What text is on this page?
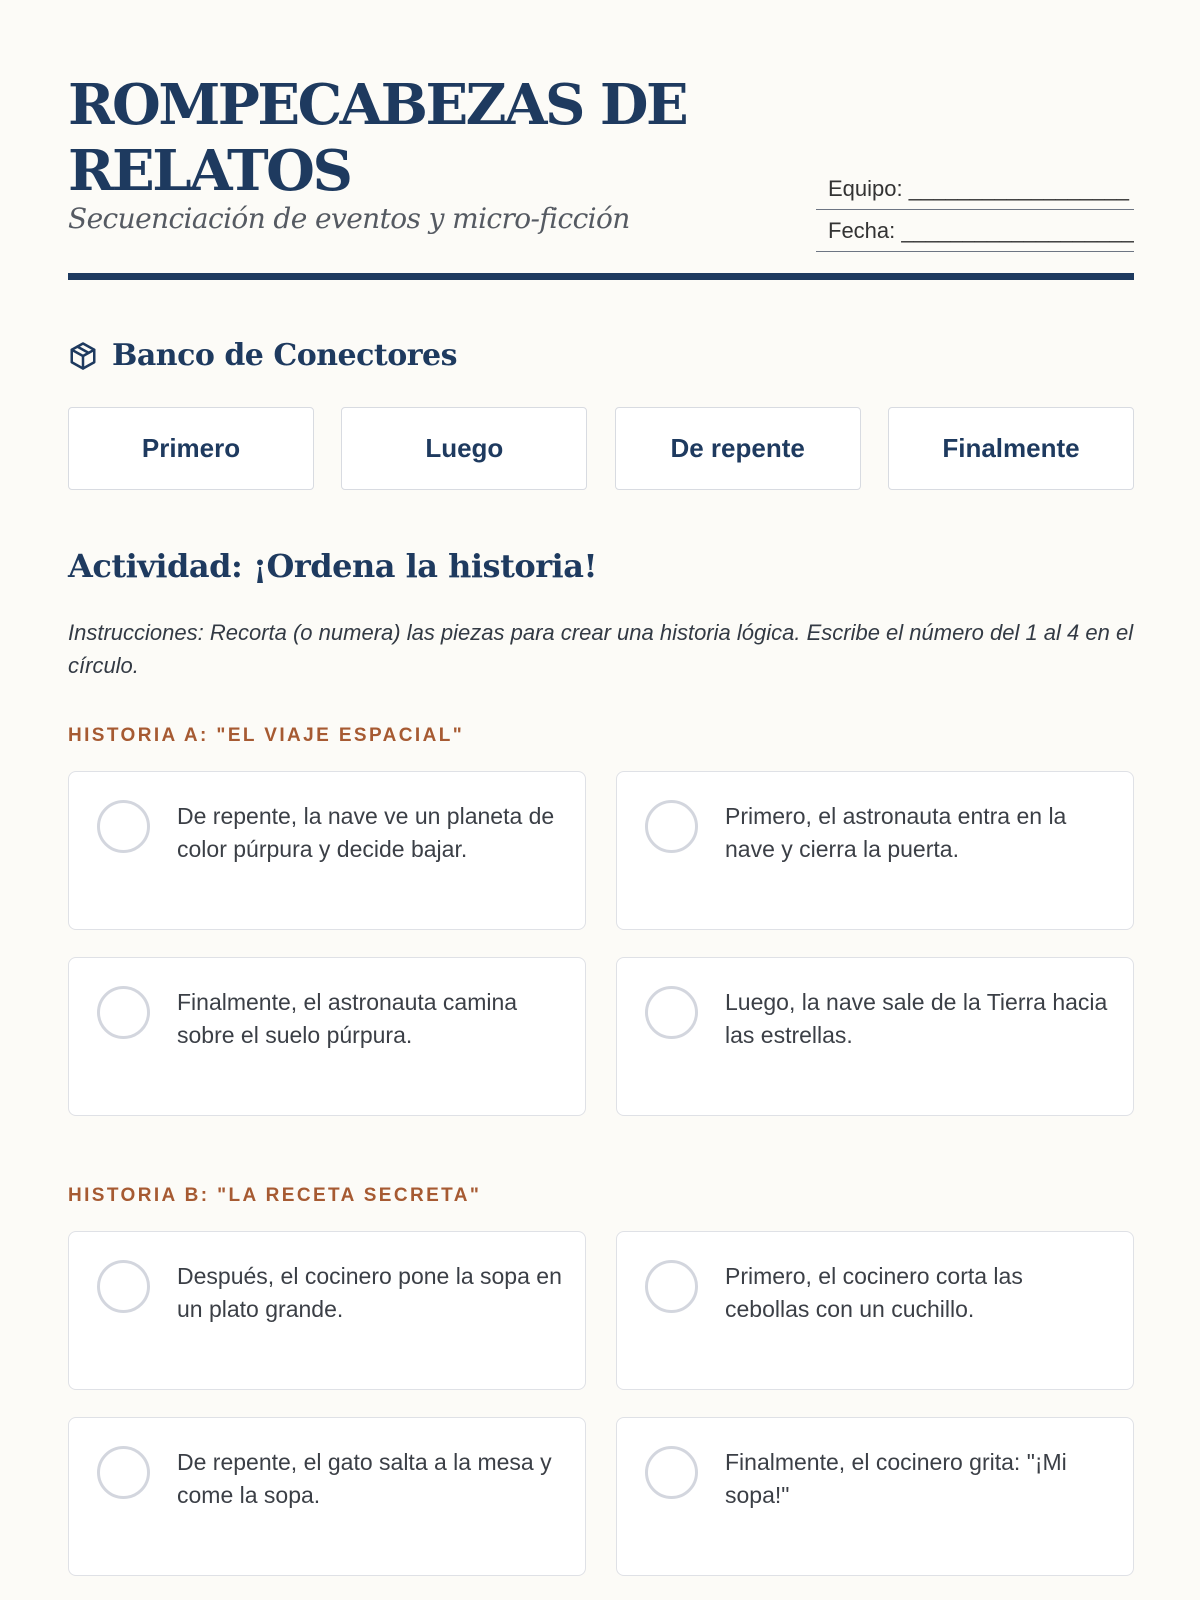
ROMPECABEZAS DE RELATOS
Secuenciación de eventos y micro-ficción
Equipo: __________________
Fecha: ___________________
Banco de Conectores
Primero	Luego	De repente	Finalmente
Actividad: ¡Ordena la historia!

Instrucciones: Recorta (o numera) las piezas para crear una historia lógica. Escribe el número del 1 al 4 en el círculo.

HISTORIA A: "EL VIAJE ESPACIAL"
De repente, la nave ve un planeta de color púrpura y decide bajar.
Primero, el astronauta entra en la nave y cierra la puerta.
Finalmente, el astronauta camina sobre el suelo púrpura.
Luego, la nave sale de la Tierra hacia las estrellas.
HISTORIA B: "LA RECETA SECRETA"
Después, el cocinero pone la sopa en un plato grande.
Primero, el cocinero corta las cebollas con un cuchillo.
De repente, el gato salta a la mesa y come la sopa.
Finalmente, el cocinero grita: "¡Mi sopa!"
